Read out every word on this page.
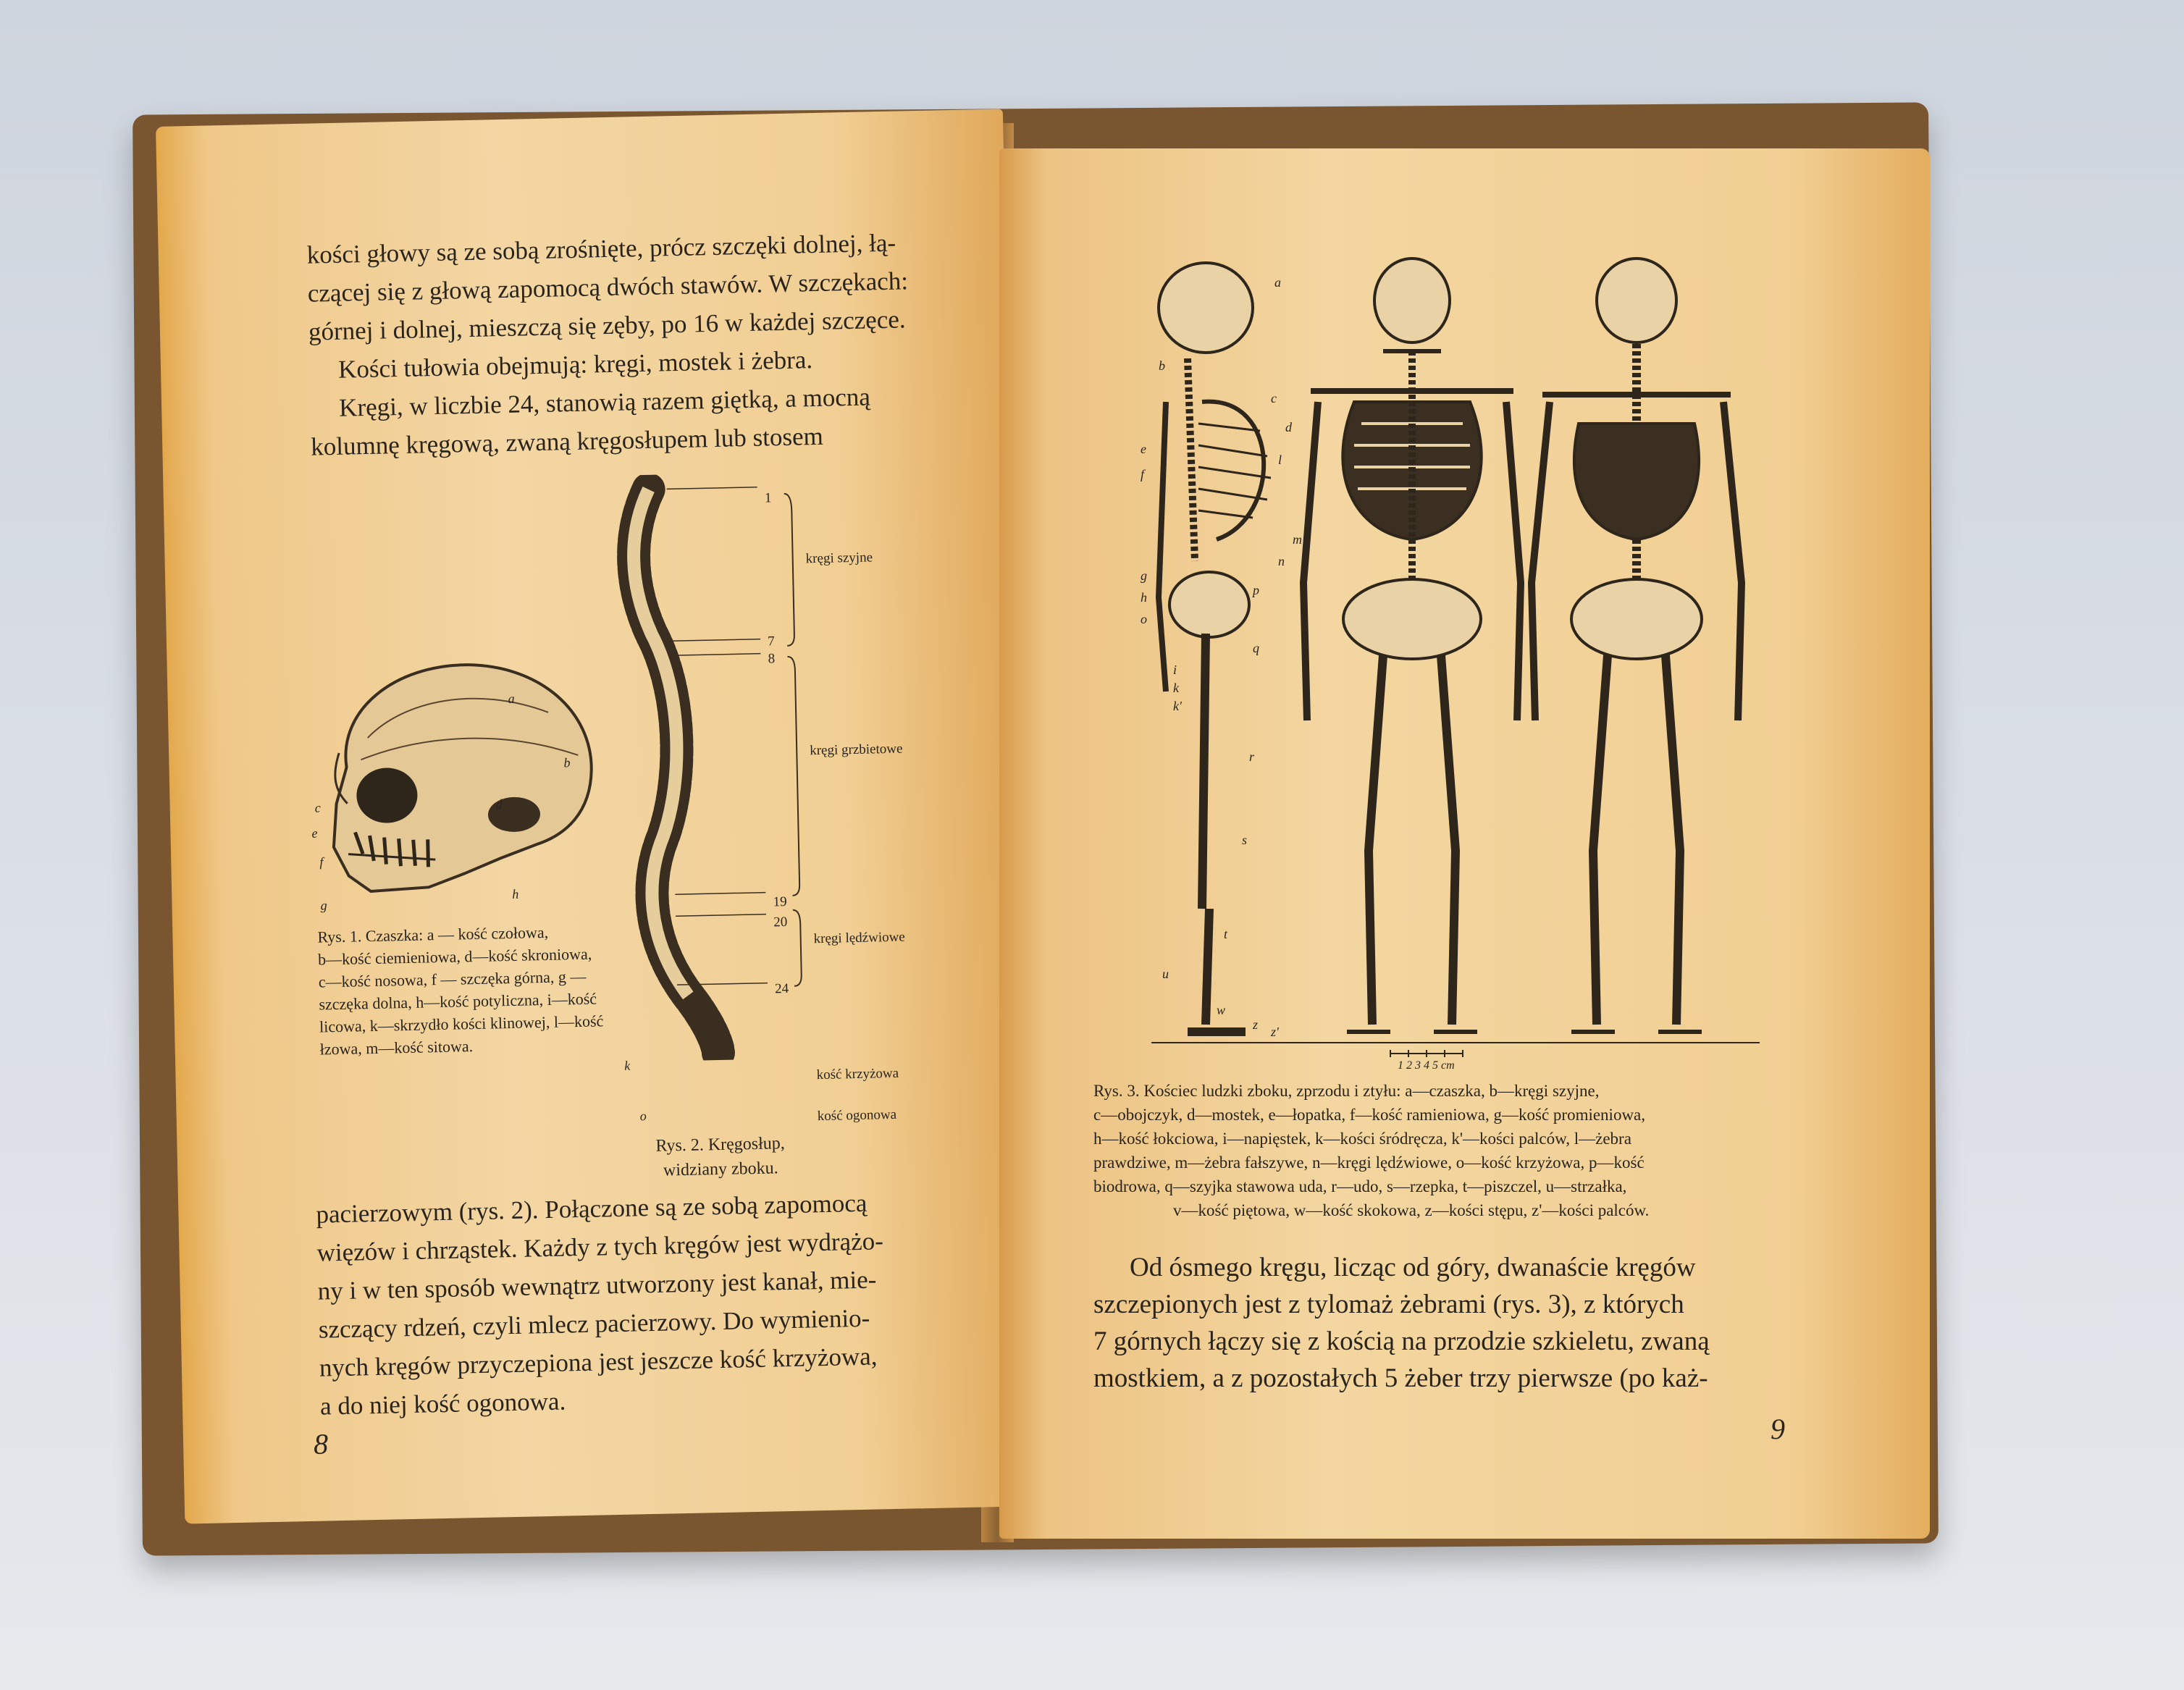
kości głowy są ze sobą zrośnięte, prócz szczęki dolnej, łą-
czącej się z głową zapomocą dwóch stawów. W szczękach:
górnej i dolnej, mieszczą się zęby, po 16 w każdej szczęce.
Kości tułowia obejmują: kręgi, mostek i żebra.
Kręgi, w liczbie 24, stanowią razem giętką, a mocną
kolumnę kręgową, zwaną kręgosłupem lub stosem
a
b
c	d
e
f
g
h
Rys. 1. Czaszka: a — kość czołowa,
b—kość ciemieniowa, d—kość skroniowa,
c—kość nosowa, f — szczęka górna, g —
szczęka dolna, h—kość potyliczna, i—kość
licowa, k—skrzydło kości klinowej, l—kość
łzowa, m—kość sitowa.
1
7
8
19
20
24
kręgi szyjne
kręgi grzbietowe
kręgi lędźwiowe
kość krzyżowa
kość ogonowa
k
o
Rys. 2. Kręgosłup,
widziany zboku.
pacierzowym (rys. 2). Połączone są ze sobą zapomocą
więzów i chrząstek. Każdy z tych kręgów jest wydrążo-
ny i w ten sposób wewnątrz utworzony jest kanał, mie-
szczący rdzeń, czyli mlecz pacierzowy. Do wymienio-
nych kręgów przyczepiona jest jeszcze kość krzyżowa,
a do niej kość ogonowa.
8
a
b
c
d
e
f
g
h
o
i
k
k'
l
m
n
p
q
r
s
t
u
w
z z'
1 2 3 4 5 cm
Rys. 3. Kościec ludzki zboku, zprzodu i ztyłu: a—czaszka, b—kręgi szyjne,
c—obojczyk, d—mostek, e—łopatka, f—kość ramieniowa, g—kość promieniowa,
h—kość łokciowa, i—napięstek, k—kości śródręcza, k'—kości palców, l—żebra
prawdziwe, m—żebra fałszywe, n—kręgi lędźwiowe, o—kość krzyżowa, p—kość
biodrowa, q—szyjka stawowa uda, r—udo, s—rzepka, t—piszczel, u—strzałka,
v—kość piętowa, w—kość skokowa, z—kości stępu, z'—kości palców.
Od ósmego kręgu, licząc od góry, dwanaście kręgów
szczepionych jest z tylomaż żebrami (rys. 3), z których
7 górnych łączy się z kością na przodzie szkieletu, zwaną
mostkiem, a z pozostałych 5 żeber trzy pierwsze (po każ-
9
